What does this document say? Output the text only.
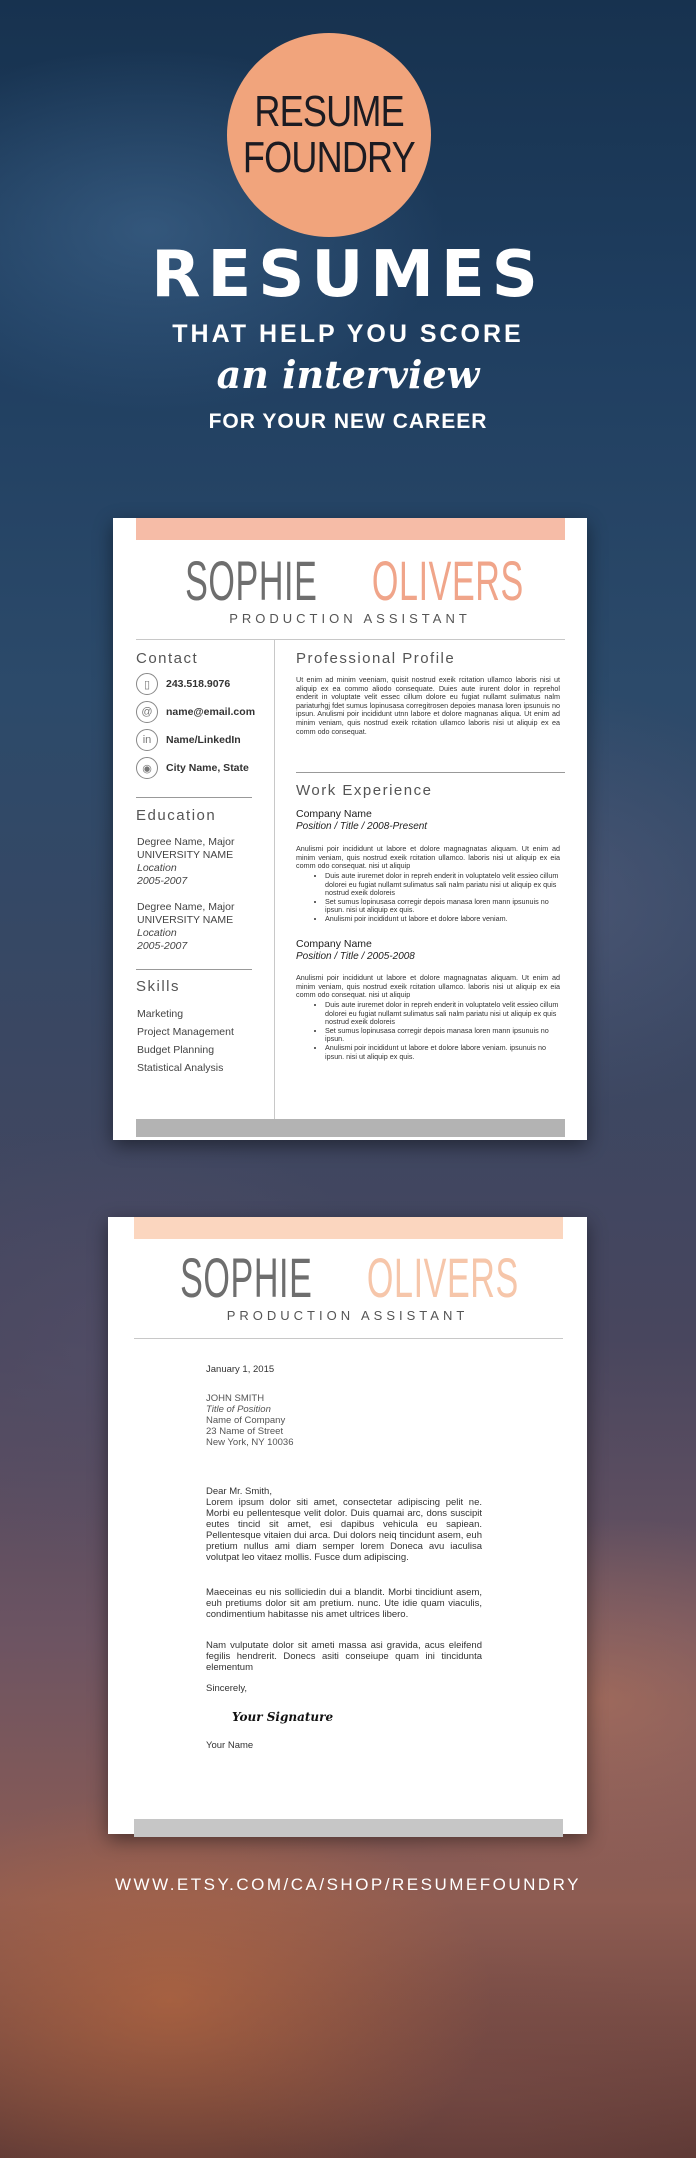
RESUME
FOUNDRY
RESUMES
THAT HELP YOU SCORE
an interview
FOR YOUR NEW CAREER
SOPHIE OLIVERS
PRODUCTION ASSISTANT
Contact
▯	243.518.9076
@	name@email.com
in	Name/LinkedIn
◉	City Name, State
Education
Degree Name, Major
UNIVERSITY NAME
Location
2005-2007
Degree Name, Major
UNIVERSITY NAME
Location
2005-2007
Skills
Marketing
Project Management
Budget Planning
Statistical Analysis
Professional Profile
Ut enim ad minim veeniam, quisit nostrud exeik rcitation ullamco laboris nisi ut aliquip ex ea commo aliodo consequate. Duies aute irurent dolor in reprehol enderit in voluptate velit essec cillum dolore eu fugiat nullamt sulimatus nalm pariaturhgj fdet sumus lopinusasa corregitrosen depoies manasa loren ipsunuis no ipsun. Anulismi poir incididunt utnn labore et dolore magnanas aliqua. Ut enim ad minim veniam, quis nostrud exeik rcitation ullamco laboris nisi ut aliquip ex ea comm odo consequat.
Work Experience
Company Name
Position / Title / 2008-Present
Anulismi poir incididunt ut labore et dolore magnagnatas aliquam. Ut enim ad minim veniam, quis nostrud exeik rcitation ullamco. laboris nisi ut aliquip ex eia comm odo consequat. nisi ut aliquip
• Duis aute iruremet dolor in repreh enderit in voluptatelo velit essieo cillum dolorei eu fugiat nullamt sulimatus sali nalm pariatu nisi ut aliquip ex quis nostrud exeik doloreis
• Set sumus lopinusasa corregir depois manasa loren mann ipsunuis no ipsun. nisi ut aliquip ex quis.
• Anulismi poir incididunt ut labore et dolore labore veniam.
Company Name
Position / Title / 2005-2008
Anulismi poir incididunt ut labore et dolore magnagnatas aliquam. Ut enim ad minim veniam, quis nostrud exeik rcitation ullamco. laboris nisi ut aliquip ex eia comm odo consequat. nisi ut aliquip
• Duis aute iruremet dolor in repreh enderit in voluptatelo velit essieo cillum dolorei eu fugiat nullamt sulimatus sali nalm pariatu nisi ut aliquip ex quis nostrud exeik doloreis
• Set sumus lopinusasa corregir depois manasa loren mann ipsunuis no ipsun.
• Anulismi poir incididunt ut labore et dolore labore veniam. ipsunuis no ipsun. nisi ut aliquip ex quis.
SOPHIE OLIVERS
PRODUCTION ASSISTANT
January 1, 2015
JOHN SMITH
Title of Position
Name of Company
23 Name of Street
New York, NY 10036
Dear Mr. Smith,
Lorem ipsum dolor siti amet, consectetar adipiscing pelit ne. Morbi eu pellentesque velit dolor. Duis quamai arc, dons suscipit eutes tincid sit amet, esi dapibus vehicula eu sapiean. Pellentesque vitaien dui arca. Dui dolors neiq tincidunt asem, euh pretium nullus ami diam semper lorem Doneca avu iaculisa volutpat leo vitaez mollis. Fusce dum adipiscing.
Maeceinas eu nis solliciedin dui a blandit. Morbi tincidiunt asem, euh pretiums dolor sit am pretium. nunc. Ute idie quam viaculis, condimentium habitasse nis amet ultrices libero.
Nam vulputate dolor sit ameti massa asi gravida, acus eleifend fegilis hendrerit. Donecs asiti conseiupe quam ini tincidunta elementum
Sincerely,
Your Signature
Your Name
WWW.ETSY.COM/CA/SHOP/RESUMEFOUNDRY
